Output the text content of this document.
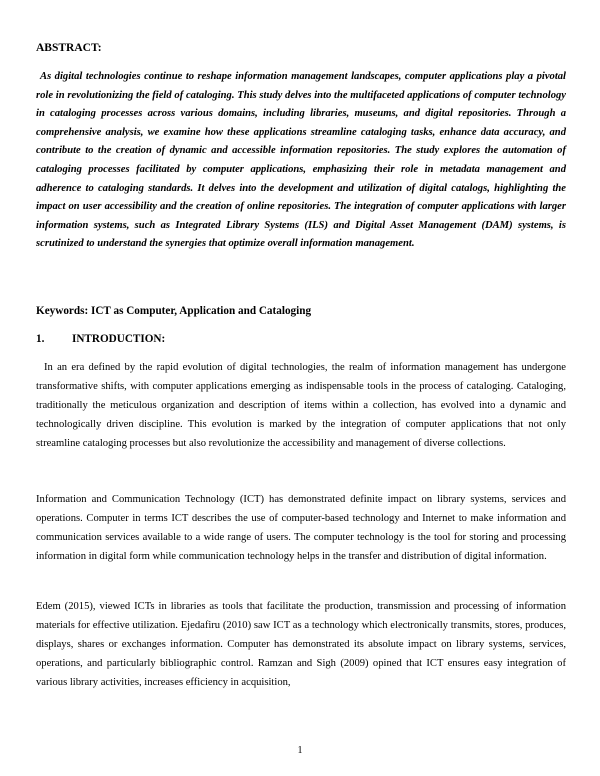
ABSTRACT:

As digital technologies continue to reshape information management landscapes, computer applications play a pivotal role in revolutionizing the field of cataloging. This study delves into the multifaceted applications of computer technology in cataloging processes across various domains, including libraries, museums, and digital repositories. Through a comprehensive analysis, we examine how these applications streamline cataloging tasks, enhance data accuracy, and contribute to the creation of dynamic and accessible information repositories. The study explores the automation of cataloging processes facilitated by computer applications, emphasizing their role in metadata management and adherence to cataloging standards. It delves into the development and utilization of digital catalogs, highlighting the impact on user accessibility and the creation of online repositories. The integration of computer applications with larger information systems, such as Integrated Library Systems (ILS) and Digital Asset Management (DAM) systems, is scrutinized to understand the synergies that optimize overall information management.

Keywords: ICT as Computer, Application and Cataloging

1. INTRODUCTION:

In an era defined by the rapid evolution of digital technologies, the realm of information management has undergone transformative shifts, with computer applications emerging as indispensable tools in the process of cataloging. Cataloging, traditionally the meticulous organization and description of items within a collection, has evolved into a dynamic and technologically driven discipline. This evolution is marked by the integration of computer applications that not only streamline cataloging processes but also revolutionize the accessibility and management of diverse collections.

Information and Communication Technology (ICT) has demonstrated definite impact on library systems, services and operations. Computer in terms ICT describes the use of computer-based technology and Internet to make information and communication services available to a wide range of users. The computer technology is the tool for storing and processing information in digital form while communication technology helps in the transfer and distribution of digital information.

Edem (2015), viewed ICTs in libraries as tools that facilitate the production, transmission and processing of information materials for effective utilization. Ejedafiru (2010) saw ICT as a technology which electronically transmits, stores, produces, displays, shares or exchanges information. Computer has demonstrated its absolute impact on library systems, services, operations, and particularly bibliographic control. Ramzan and Sigh (2009) opined that ICT ensures easy integration of various library activities, increases efficiency in acquisition,

1
